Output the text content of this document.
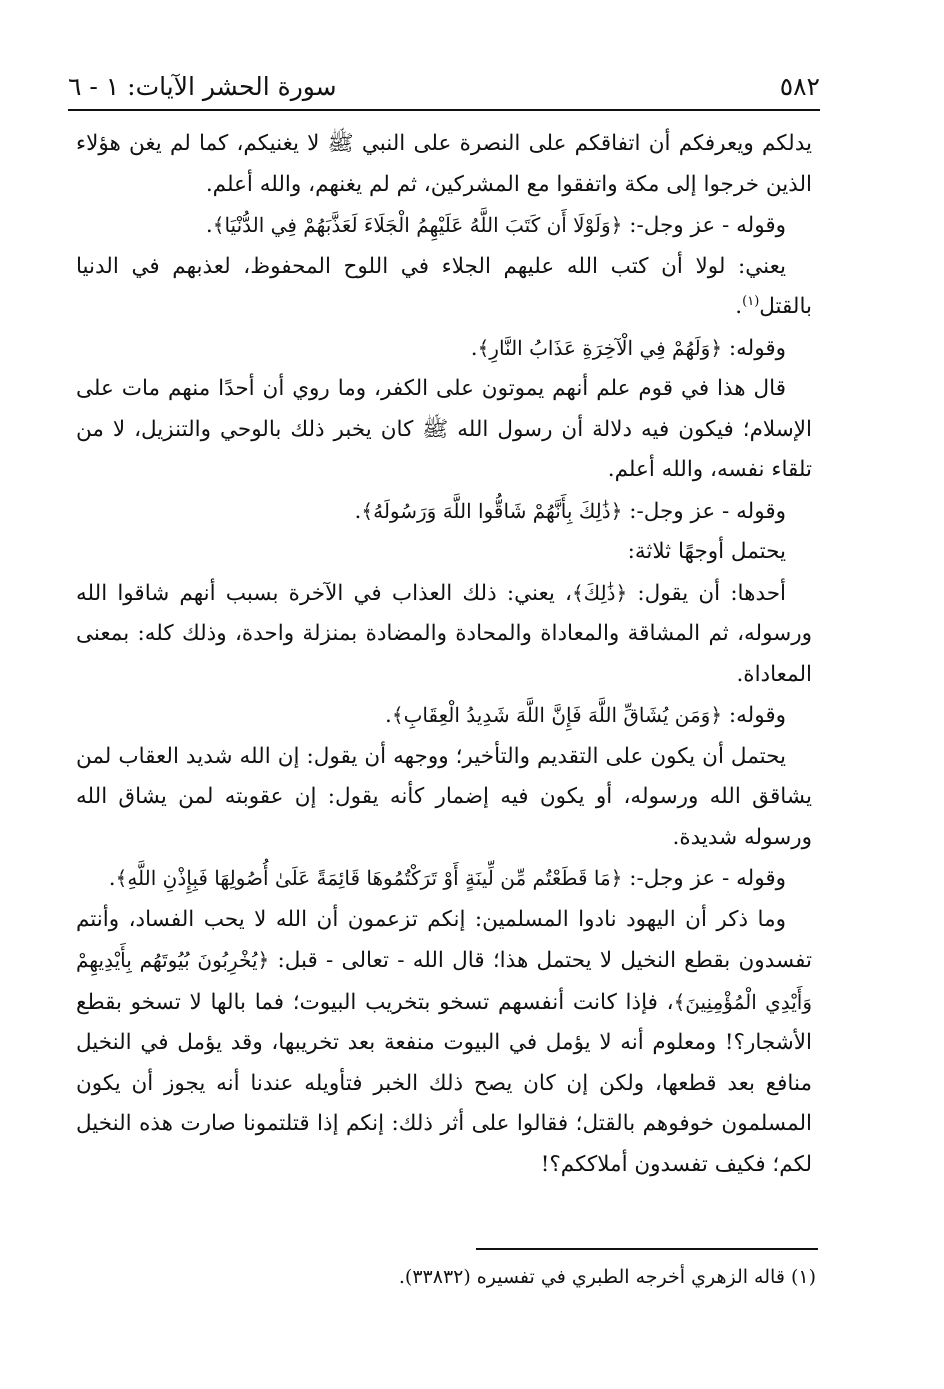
٥٨٢
سورة الحشر الآيات: ١ - ٦

يدلكم ويعرفكم أن اتفاقكم على النصرة على النبي ﷺ لا يغنيكم، كما لم يغن هؤلاء الذين خرجوا إلى مكة واتفقوا مع المشركين، ثم لم يغنهم، والله أعلم.

وقوله - عز وجل-: ﴿وَلَوْلَا أَن كَتَبَ اللَّهُ عَلَيْهِمُ الْجَلَاءَ لَعَذَّبَهُمْ فِي الدُّنْيَا﴾.

يعني: لولا أن كتب الله عليهم الجلاء في اللوح المحفوظ، لعذبهم في الدنيا بالقتل$^{(١)}$.

وقوله: ﴿وَلَهُمْ فِي الْآخِرَةِ عَذَابُ النَّارِ﴾.

قال هذا في قوم علم أنهم يموتون على الكفر، وما روي أن أحدًا منهم مات على الإسلام؛ فيكون فيه دلالة أن رسول الله ﷺ كان يخبر ذلك بالوحي والتنزيل، لا من تلقاء نفسه، والله أعلم.

وقوله - عز وجل-: ﴿ذَٰلِكَ بِأَنَّهُمْ شَاقُّوا اللَّهَ وَرَسُولَهُ﴾.

يحتمل أوجهًا ثلاثة:

أحدها: أن يقول: ﴿ذَٰلِكَ﴾، يعني: ذلك العذاب في الآخرة بسبب أنهم شاقوا الله ورسوله، ثم المشاقة والمعاداة والمحادة والمضادة بمنزلة واحدة، وذلك كله: بمعنى المعاداة.

وقوله: ﴿وَمَن يُشَاقِّ اللَّهَ فَإِنَّ اللَّهَ شَدِيدُ الْعِقَابِ﴾.

يحتمل أن يكون على التقديم والتأخير؛ ووجهه أن يقول: إن الله شديد العقاب لمن يشاقق الله ورسوله، أو يكون فيه إضمار كأنه يقول: إن عقوبته لمن يشاق الله ورسوله شديدة.

وقوله - عز وجل-: ﴿مَا قَطَعْتُم مِّن لِّينَةٍ أَوْ تَرَكْتُمُوهَا قَائِمَةً عَلَىٰ أُصُولِهَا فَبِإِذْنِ اللَّهِ﴾.

وما ذكر أن اليهود نادوا المسلمين: إنكم تزعمون أن الله لا يحب الفساد، وأنتم تفسدون بقطع النخيل لا يحتمل هذا؛ قال الله - تعالى - قبل: ﴿يُخْرِبُونَ بُيُوتَهُم بِأَيْدِيهِمْ وَأَيْدِي الْمُؤْمِنِينَ﴾، فإذا كانت أنفسهم تسخو بتخريب البيوت؛ فما بالها لا تسخو بقطع الأشجار؟! ومعلوم أنه لا يؤمل في البيوت منفعة بعد تخريبها، وقد يؤمل في النخيل منافع بعد قطعها، ولكن إن كان يصح ذلك الخبر فتأويله عندنا أنه يجوز أن يكون المسلمون خوفوهم بالقتل؛ فقالوا على أثر ذلك: إنكم إذا قتلتمونا صارت هذه النخيل لكم؛ فكيف تفسدون أملاككم؟!

(١) قاله الزهري أخرجه الطبري في تفسيره (٣٣٨٣٢).
